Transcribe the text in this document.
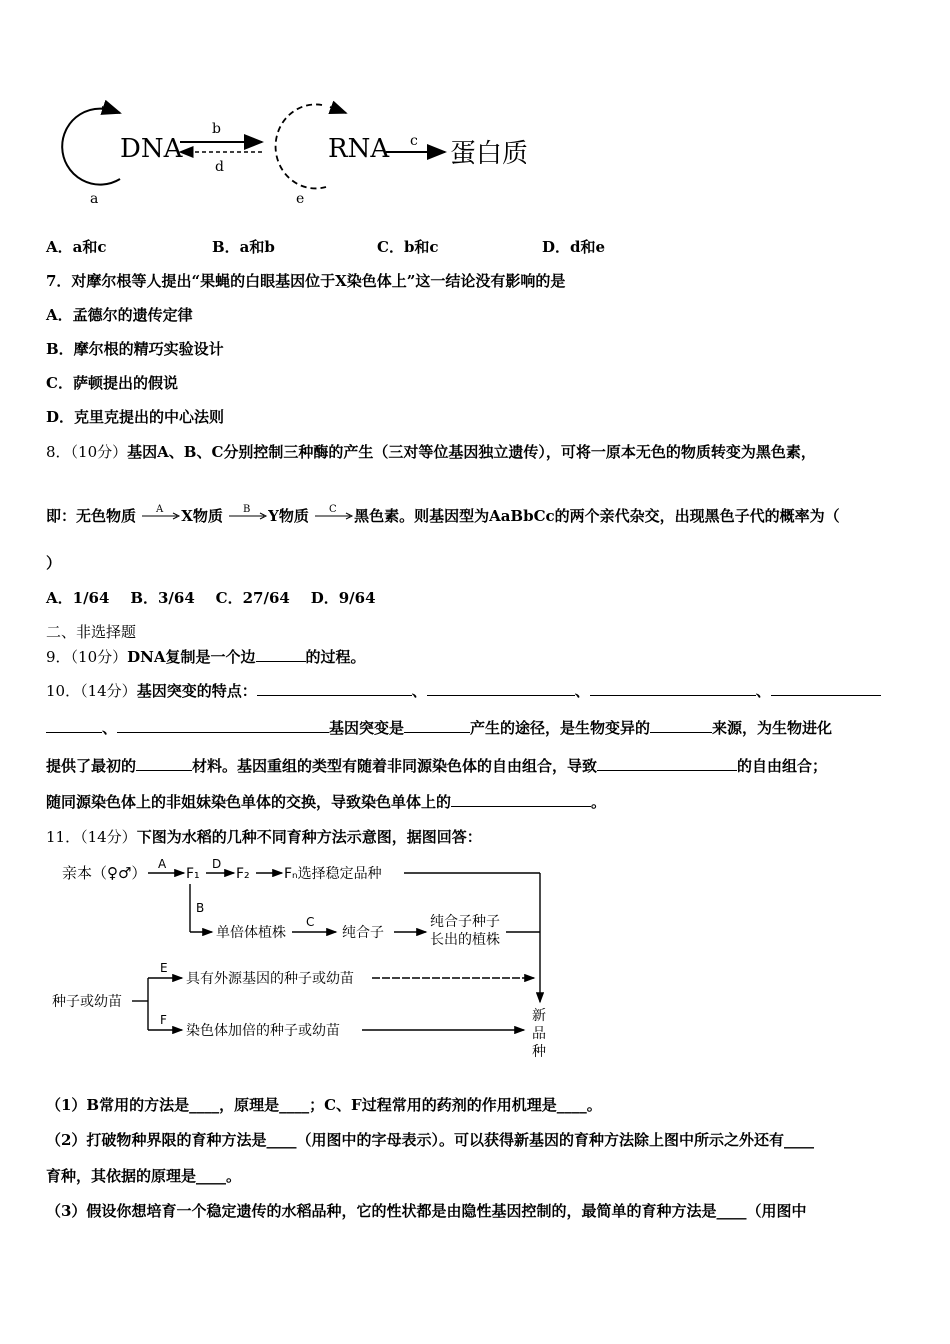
DNA
a
b
d
RNA
e
c 蛋白质
A．a和c	B．a和b	C．b和c	D．d和e
7．对摩尔根等人提出“果蝇的白眼基因位于X染色体上”这一结论没有影响的是
A．孟德尔的遗传定律
B．摩尔根的精巧实验设计
C．萨顿提出的假说
D．克里克提出的中心法则
8．（10分）基因A、B、C分别控制三种酶的产生（三对等位基因独立遗传），可将一原本无色的物质转变为黑色素，
即：无色物质 A X物质 B Y物质 C 黑色素。则基因型为AaBbCc的两个亲代杂交，出现黑色子代的概率为（
）
A．1/64    B．3/64    C．27/64    D．9/64
二、非选择题
9．（10分）DNA复制是一个边	的过程。
10．（14分）基因突变的特点：	、	、	、
、	基因突变是	产生的途径，是生物变异的	来源，为生物进化
提供了最初的	材料。基因重组的类型有随着非同源染色体的自由组合，导致	的自由组合；
随同源染色体上的非姐妹染色单体的交换，导致染色单体上的	。
11．（14分）下图为水稻的几种不同育种方法示意图，据图回答：
亲本（♀♂） A
F₁
D
F₂ Fₙ选择稳定品种
B
单倍体植株
C
纯合子
纯合子种子
长出的植株
种子或幼苗
E
具有外源基因的种子或幼苗
F
染色体加倍的种子或幼苗
新
品
种
（1）B常用的方法是____，原理是____；C、F过程常用的药剂的作用机理是____。
（2）打破物种界限的育种方法是____（用图中的字母表示）。可以获得新基因的育种方法除上图中所示之外还有____
育种，其依据的原理是____。
（3）假设你想培育一个稳定遗传的水稻品种，它的性状都是由隐性基因控制的，最简单的育种方法是____（用图中
